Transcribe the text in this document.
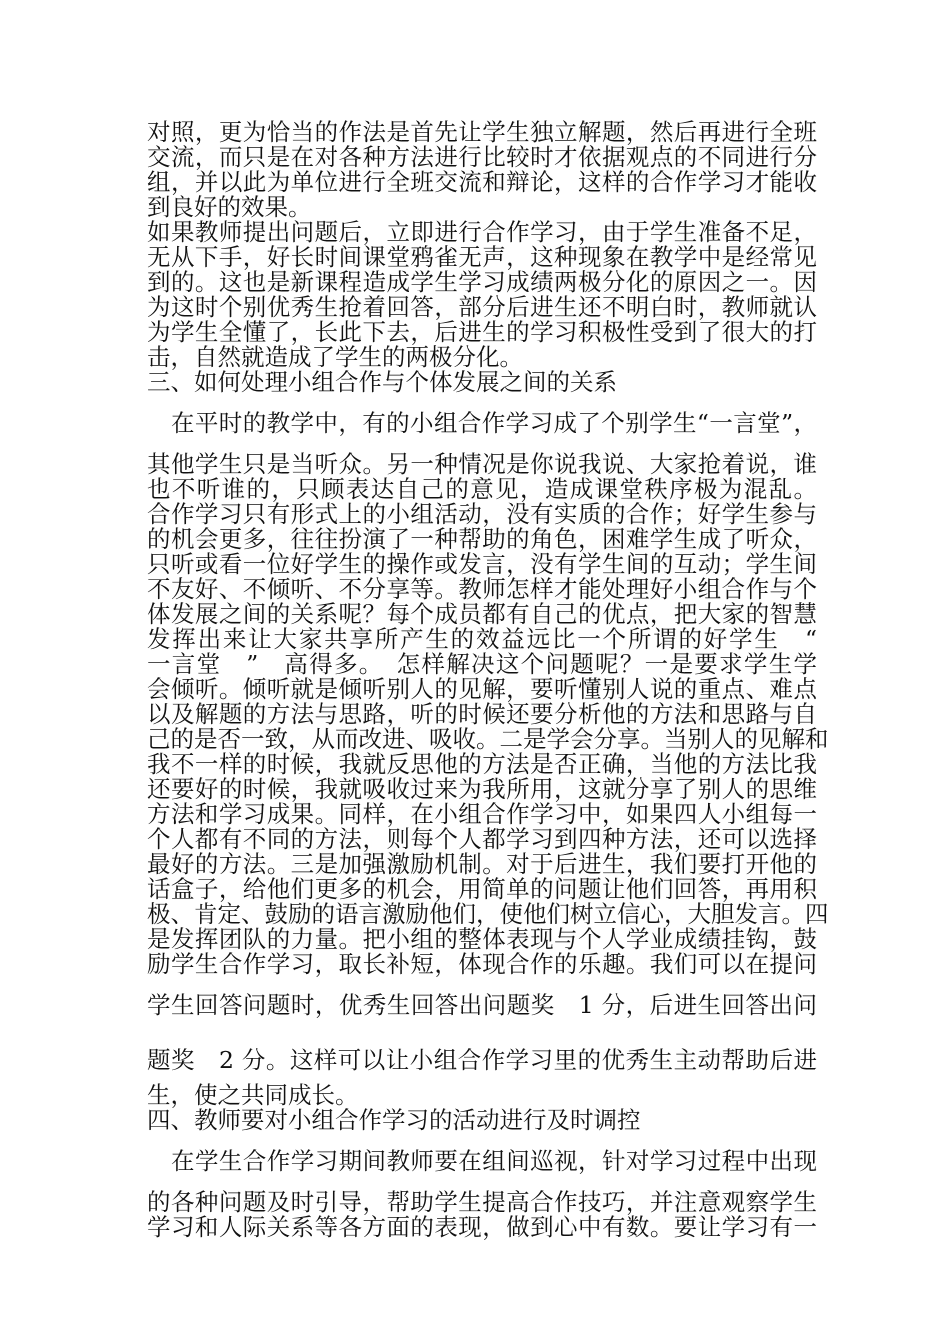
对照，更为恰当的作法是首先让学生独立解题，然后再进行全班
交流，而只是在对各种方法进行比较时才依据观点的不同进行分
组，并以此为单位进行全班交流和辩论，这样的合作学习才能收
到良好的效果。
如果教师提出问题后，立即进行合作学习，由于学生准备不足，
无从下手，好长时间课堂鸦雀无声，这种现象在教学中是经常见
到的。这也是新课程造成学生学习成绩两极分化的原因之一。因
为这时个别优秀生抢着回答，部分后进生还不明白时，教师就认
为学生全懂了，长此下去，后进生的学习积极性受到了很大的打
击，自然就造成了学生的两极分化。
三、如何处理小组合作与个体发展之间的关系
在平时的教学中，有的小组合作学习成了个别学生“一言堂”，
其他学生只是当听众。另一种情况是你说我说、大家抢着说，谁
也不听谁的，只顾表达自己的意见，造成课堂秩序极为混乱。
合作学习只有形式上的小组活动，没有实质的合作；好学生参与
的机会更多，往往扮演了一种帮助的角色，困难学生成了听众，
只听或看一位好学生的操作或发言，没有学生间的互动；学生间
不友好、不倾听、不分享等。教师怎样才能处理好小组合作与个
体发展之间的关系呢？每个成员都有自己的优点，把大家的智慧
发挥出来让大家共享所产生的效益远比一个所谓的好学生　“
一言堂　”　高得多。　怎样解决这个问题呢？一是要求学生学
会倾听。倾听就是倾听别人的见解，要听懂别人说的重点、难点
以及解题的方法与思路，听的时候还要分析他的方法和思路与自
己的是否一致，从而改进、吸收。二是学会分享。当别人的见解和
我不一样的时候，我就反思他的方法是否正确，当他的方法比我
还要好的时候，我就吸收过来为我所用，这就分享了别人的思维
方法和学习成果。同样，在小组合作学习中，如果四人小组每一
个人都有不同的方法，则每个人都学习到四种方法，还可以选择
最好的方法。三是加强激励机制。对于后进生，我们要打开他的
话盒子，给他们更多的机会，用简单的问题让他们回答，再用积
极、肯定、鼓励的语言激励他们，使他们树立信心，大胆发言。四
是发挥团队的力量。把小组的整体表现与个人学业成绩挂钩，鼓
励学生合作学习，取长补短，体现合作的乐趣。我们可以在提问
学生回答问题时，优秀生回答出问题奖　1 分，后进生回答出问
题奖　2 分。这样可以让小组合作学习里的优秀生主动帮助后进
生，使之共同成长。
四、教师要对小组合作学习的活动进行及时调控
在学生合作学习期间教师要在组间巡视，针对学习过程中出现
的各种问题及时引导，帮助学生提高合作技巧，并注意观察学生
学习和人际关系等各方面的表现，做到心中有数。要让学习有一
